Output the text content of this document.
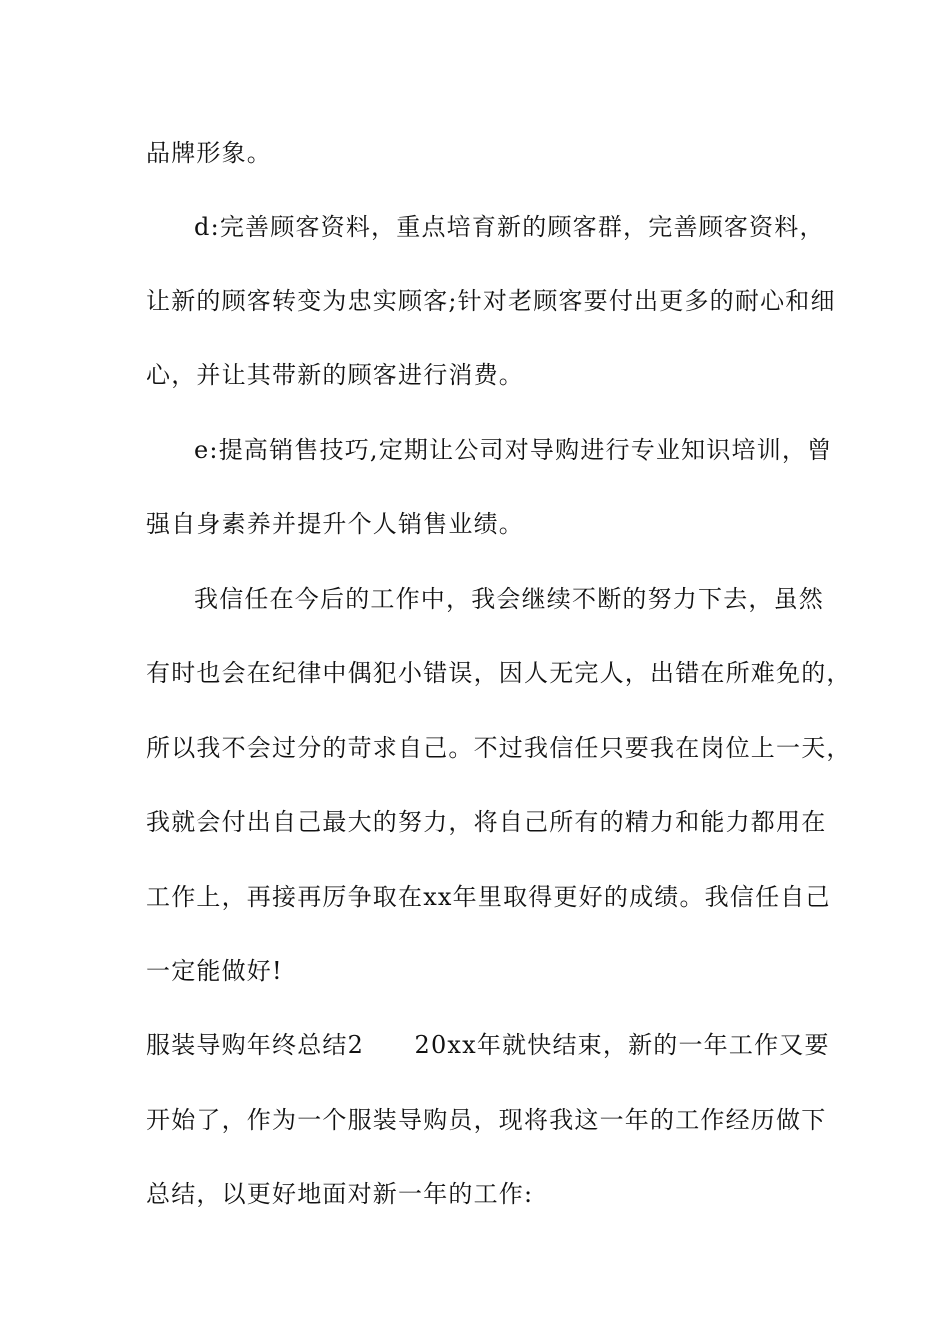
品牌形象。
d:完善顾客资料，重点培育新的顾客群，完善顾客资料，
让新的顾客转变为忠实顾客;针对老顾客要付出更多的耐心和细
心，并让其带新的顾客进行消费。
e:提高销售技巧,定期让公司对导购进行专业知识培训，曾
强自身素养并提升个人销售业绩。
我信任在今后的工作中，我会继续不断的努力下去，虽然
有时也会在纪律中偶犯小错误，因人无完人，出错在所难免的，
所以我不会过分的苛求自己。不过我信任只要我在岗位上一天，
我就会付出自己最大的努力，将自己所有的精力和能力都用在
工作上，再接再厉争取在xx年里取得更好的成绩。我信任自己
一定能做好!
服装导购年终总结2　　20xx年就快结束，新的一年工作又要
开始了，作为一个服装导购员，现将我这一年的工作经历做下
总结，以更好地面对新一年的工作:
